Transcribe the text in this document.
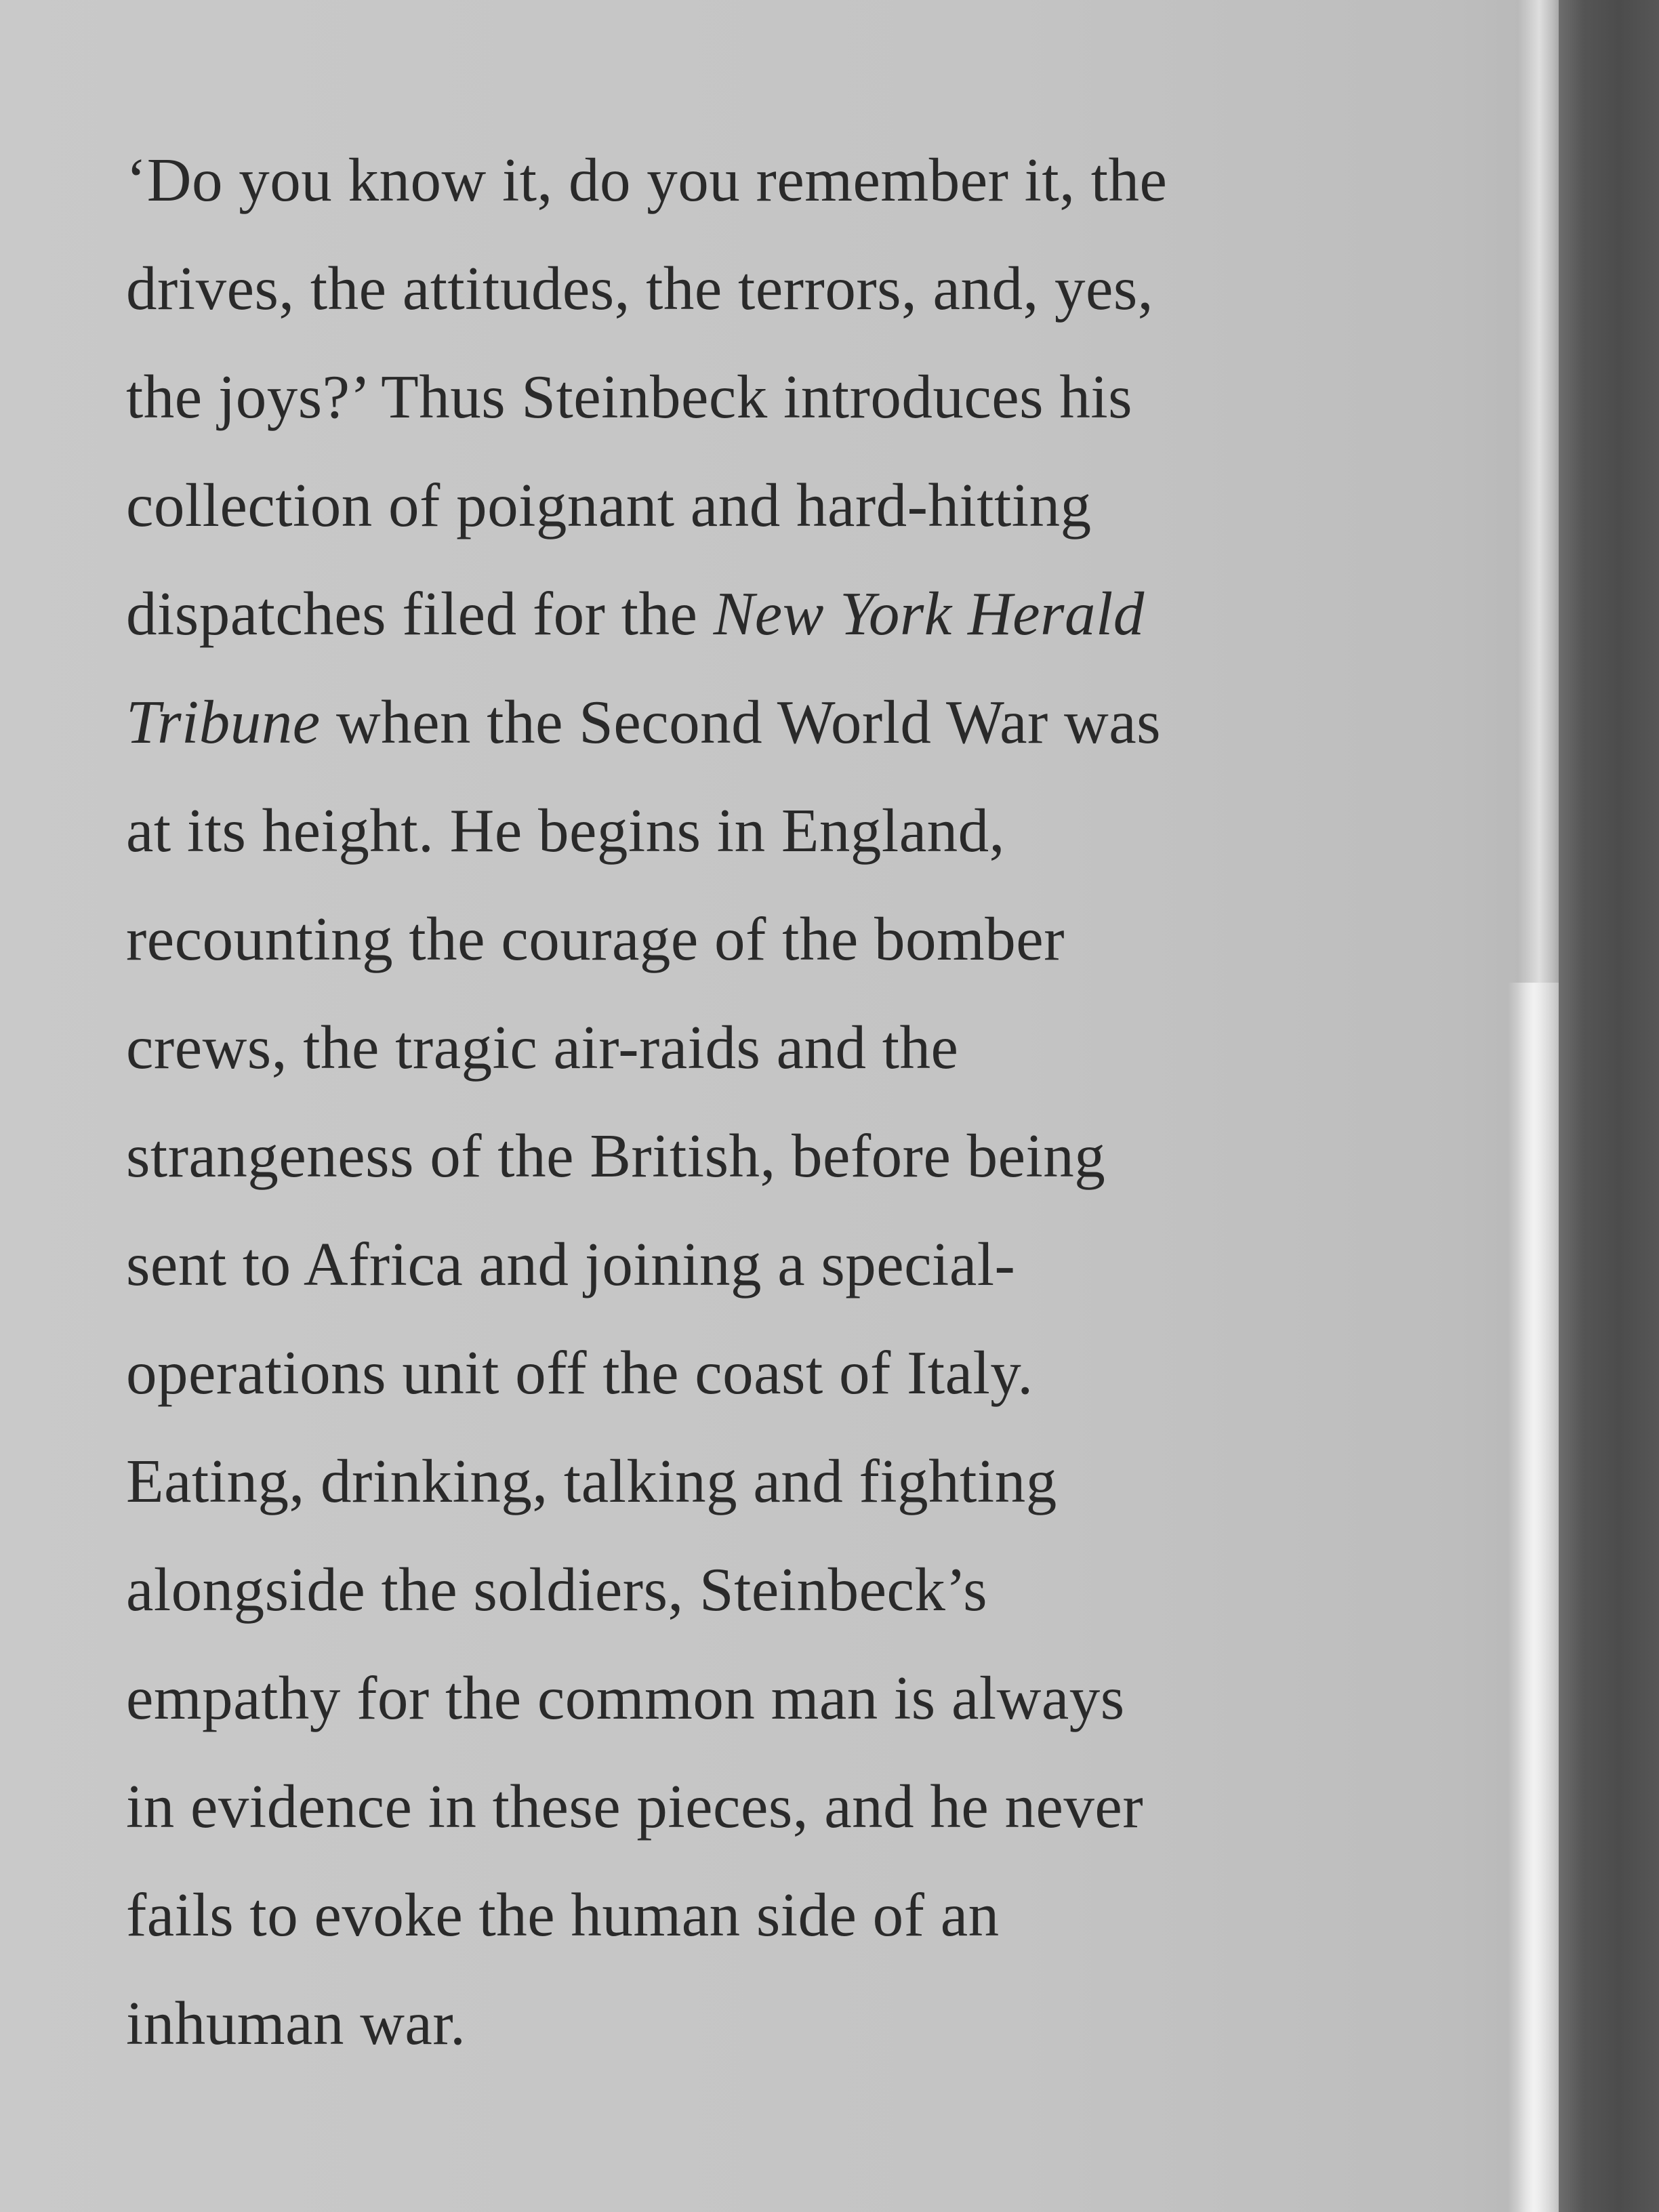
‘Do you know it, do you remember it, the
drives, the attitudes, the terrors, and, yes,
the joys?’ Thus Steinbeck introduces his
collection of poignant and hard-hitting
dispatches filed for the New York Herald
Tribune when the Second World War was
at its height. He begins in England,
recounting the courage of the bomber
crews, the tragic air-raids and the
strangeness of the British, before being
sent to Africa and joining a special-
operations unit off the coast of Italy.
Eating, drinking, talking and fighting
alongside the soldiers, Steinbeck’s
empathy for the common man is always
in evidence in these pieces, and he never
fails to evoke the human side of an
inhuman war.
